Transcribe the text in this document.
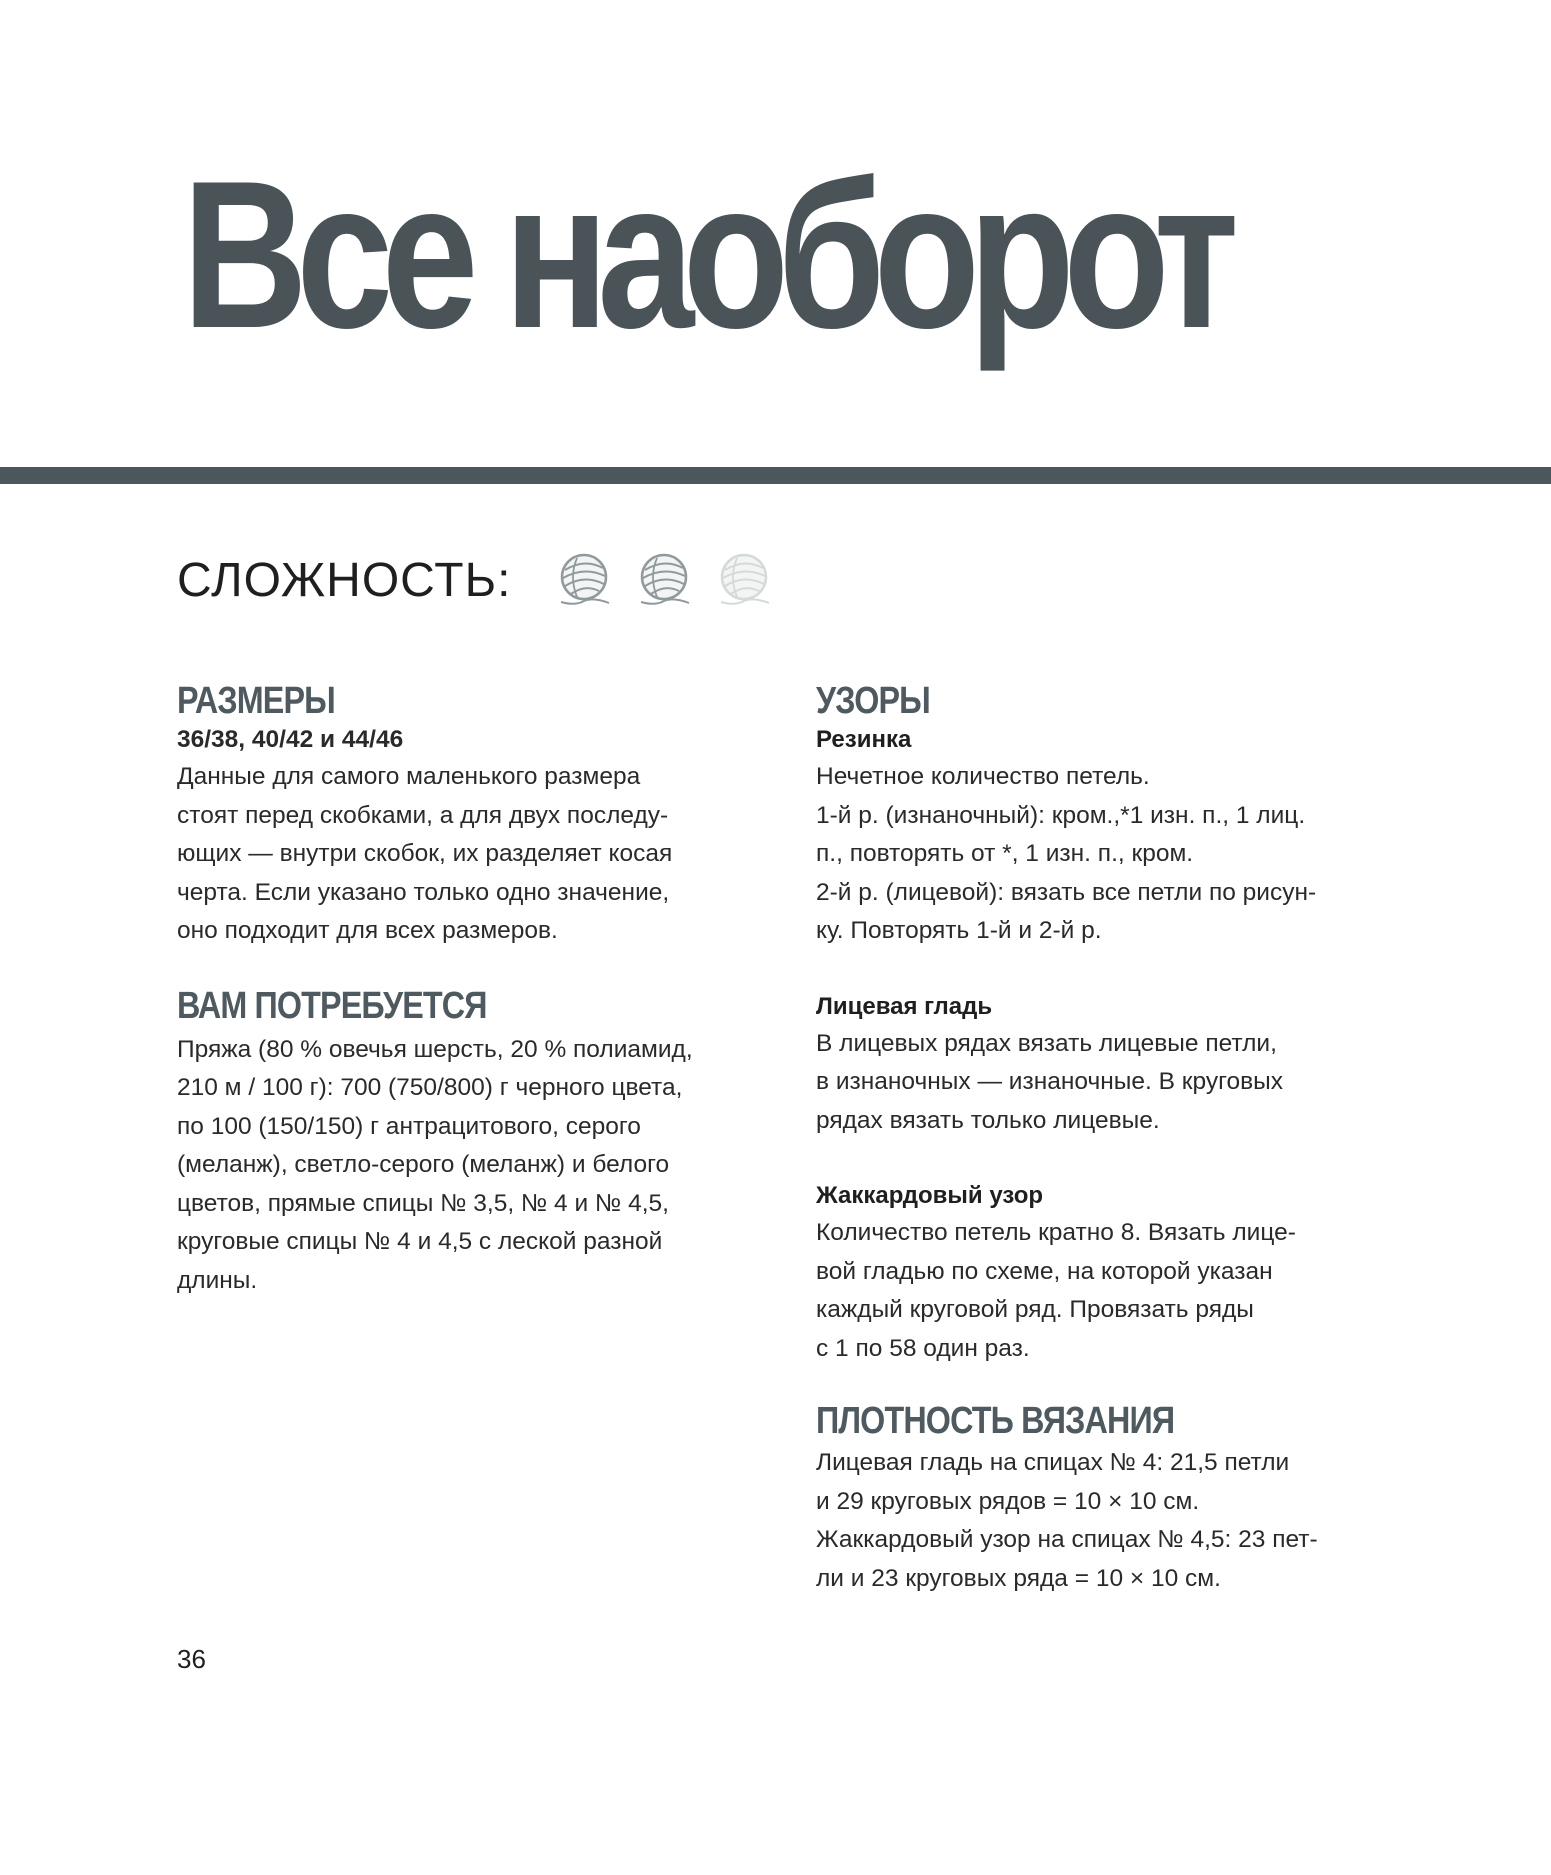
Все наоборот
СЛОЖНОСТЬ:
РАЗМЕРЫ
36/38, 40/42 и 44/46
Данные для самого маленького размера
стоят перед скобками, а для двух последу-
ющих — внутри скобок, их разделяет косая
черта. Если указано только одно значение,
оно подходит для всех размеров.
ВАМ ПОТРЕБУЕТСЯ
Пряжа (80 % овечья шерсть, 20 % полиамид,
210 м / 100 г): 700 (750/800) г черного цвета,
по 100 (150/150) г антрацитового, серого
(меланж), светло-серого (меланж) и белого
цветов, прямые спицы № 3,5, № 4 и № 4,5,
круговые спицы № 4 и 4,5 с леской разной
длины.
УЗОРЫ
Резинка
Нечетное количество петель.
1-й р. (изнаночный): кром.,*1 изн. п., 1 лиц.
п., повторять от *, 1 изн. п., кром.
2-й р. (лицевой): вязать все петли по рисун-
ку. Повторять 1-й и 2-й р.
Лицевая гладь
В лицевых рядах вязать лицевые петли,
в изнаночных — изнаночные. В круговых
рядах вязать только лицевые.
Жаккардовый узор
Количество петель кратно 8. Вязать лице-
вой гладью по схеме, на которой указан
каждый круговой ряд. Провязать ряды
с 1 по 58 один раз.
ПЛОТНОСТЬ ВЯЗАНИЯ
Лицевая гладь на спицах № 4: 21,5 петли
и 29 круговых рядов = 10 × 10 см.
Жаккардовый узор на спицах № 4,5: 23 пет-
ли и 23 круговых ряда = 10 × 10 см.
36
